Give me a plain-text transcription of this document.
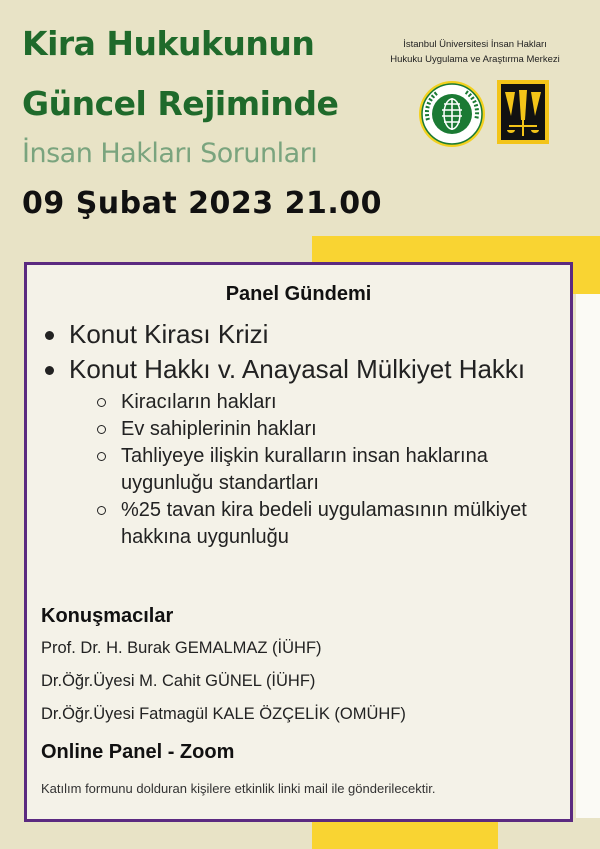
Kira Hukukunun
Güncel Rejiminde
İnsan Hakları Sorunları

09 Şubat 2023 21.00

İstanbul Üniversitesi İnsan Hakları
Hukuku Uygulama ve Araştırma Merkezi
Panel Gündemi
Konut Kirası Krizi
Konut Hakkı v. Anayasal Mülkiyet Hakkı
Kiracıların hakları
Ev sahiplerinin hakları
Tahliyeye ilişkin kuralların insan haklarına uygunluğu standartları
%25 tavan kira bedeli uygulamasının mülkiyet hakkına uygunluğu
Konuşmacılar

Prof. Dr. H. Burak GEMALMAZ (İÜHF)

Dr.Öğr.Üyesi M. Cahit GÜNEL (İÜHF)

Dr.Öğr.Üyesi Fatmagül KALE ÖZÇELİK (OMÜHF)

Online Panel - Zoom

Katılım formunu dolduran kişilere etkinlik linki mail ile gönderilecektir.
